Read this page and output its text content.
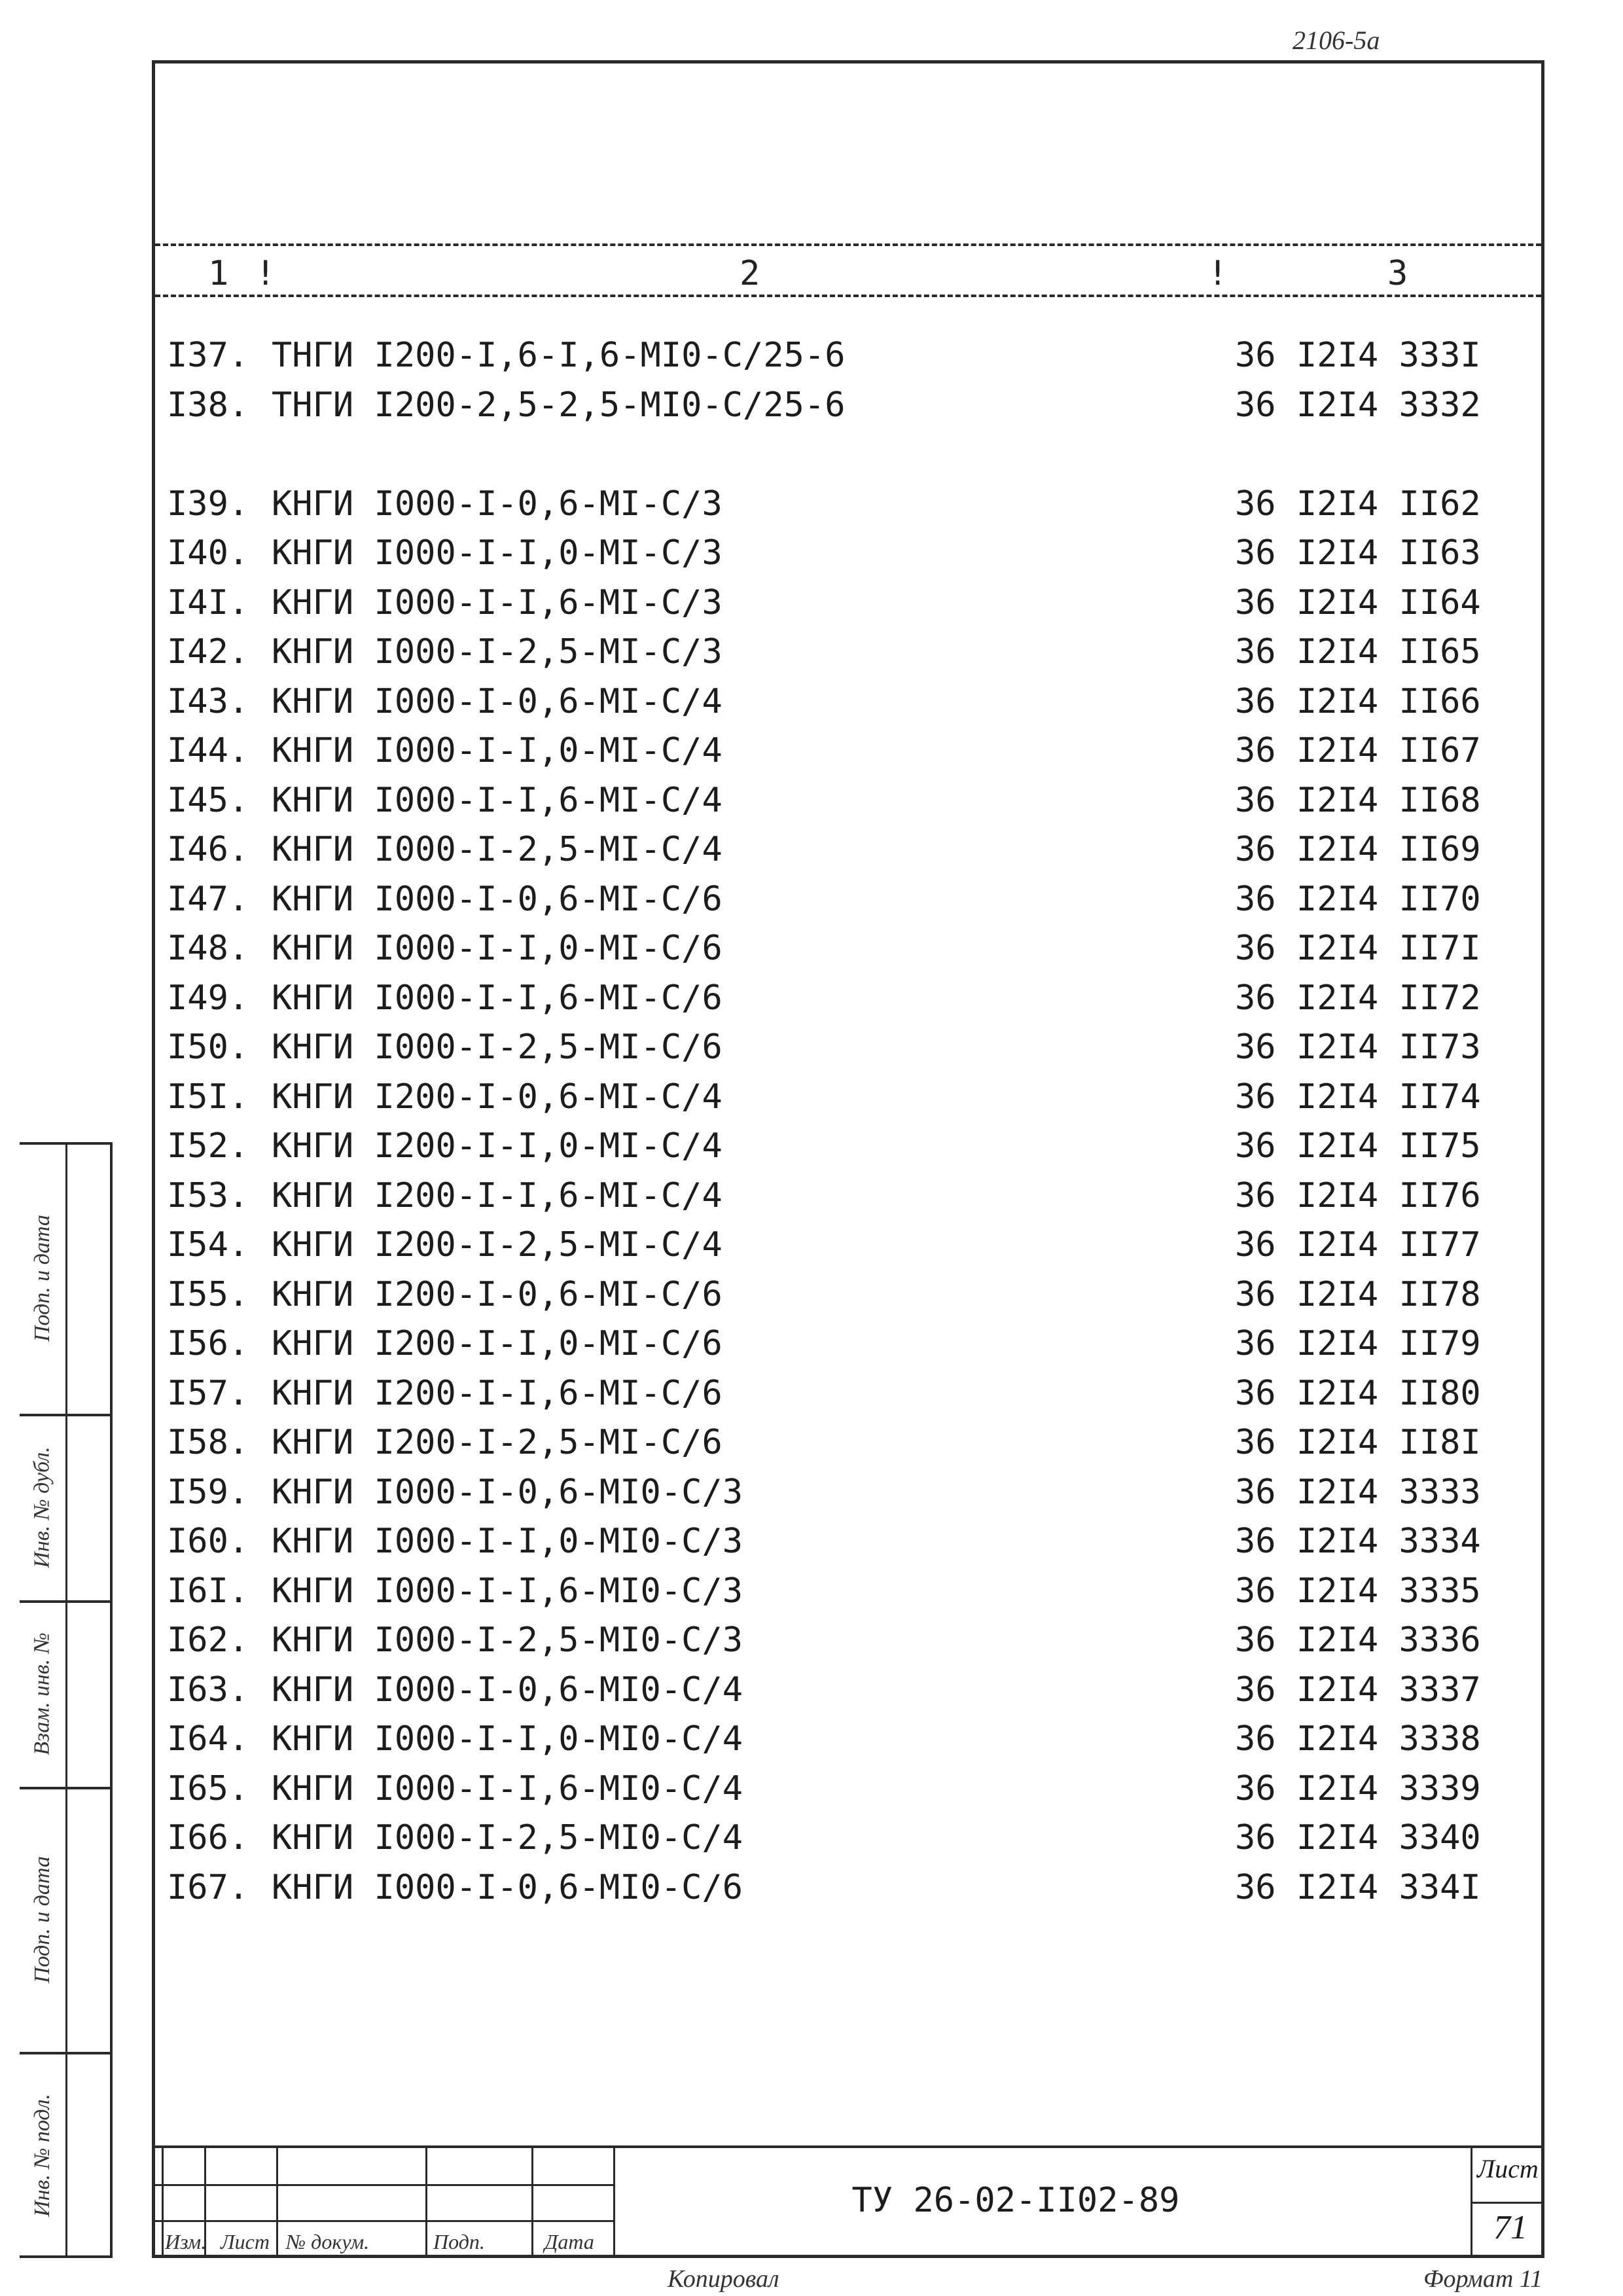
2106-5a
1 !	2	!	3
I37. ТНГИ I200-I,6-I,6-MI0-C/25-6	36 I2I4 333I
I38. ТНГИ I200-2,5-2,5-MI0-C/25-6	36 I2I4 3332
I39. КНГИ I000-I-0,6-MI-C/3	36 I2I4 II62
I40. КНГИ I000-I-I,0-MI-C/3	36 I2I4 II63
I4I. КНГИ I000-I-I,6-MI-C/3	36 I2I4 II64
I42. КНГИ I000-I-2,5-MI-C/3	36 I2I4 II65
I43. КНГИ I000-I-0,6-MI-C/4	36 I2I4 II66
I44. КНГИ I000-I-I,0-MI-C/4	36 I2I4 II67
I45. КНГИ I000-I-I,6-MI-C/4	36 I2I4 II68
I46. КНГИ I000-I-2,5-MI-C/4	36 I2I4 II69
I47. КНГИ I000-I-0,6-MI-C/6	36 I2I4 II70
I48. КНГИ I000-I-I,0-MI-C/6	36 I2I4 II7I
I49. КНГИ I000-I-I,6-MI-C/6	36 I2I4 II72
I50. КНГИ I000-I-2,5-MI-C/6	36 I2I4 II73
I5I. КНГИ I200-I-0,6-MI-C/4	36 I2I4 II74
I52. КНГИ I200-I-I,0-MI-C/4	36 I2I4 II75
I53. КНГИ I200-I-I,6-MI-C/4	36 I2I4 II76
I54. КНГИ I200-I-2,5-MI-C/4	36 I2I4 II77
I55. КНГИ I200-I-0,6-MI-C/6	36 I2I4 II78
I56. КНГИ I200-I-I,0-MI-C/6	36 I2I4 II79
I57. КНГИ I200-I-I,6-MI-C/6	36 I2I4 II80
I58. КНГИ I200-I-2,5-MI-C/6	36 I2I4 II8I
I59. КНГИ I000-I-0,6-MI0-C/3	36 I2I4 3333
I60. КНГИ I000-I-I,0-MI0-C/3	36 I2I4 3334
I6I. КНГИ I000-I-I,6-MI0-C/3	36 I2I4 3335
I62. КНГИ I000-I-2,5-MI0-C/3	36 I2I4 3336
I63. КНГИ I000-I-0,6-MI0-C/4	36 I2I4 3337
I64. КНГИ I000-I-I,0-MI0-C/4	36 I2I4 3338
I65. КНГИ I000-I-I,6-MI0-C/4	36 I2I4 3339
I66. КНГИ I000-I-2,5-MI0-C/4	36 I2I4 3340
I67. КНГИ I000-I-0,6-MI0-C/6	36 I2I4 334I
Подп. и дата
Инв. № дубл.
Взам. инв. №
Подп. и дата
Инв. № подл.
Изм. Лист № докум.	Подп.	Дата
ТУ 26-02-II02-89
Лист
71
Копировал	Формат 11
